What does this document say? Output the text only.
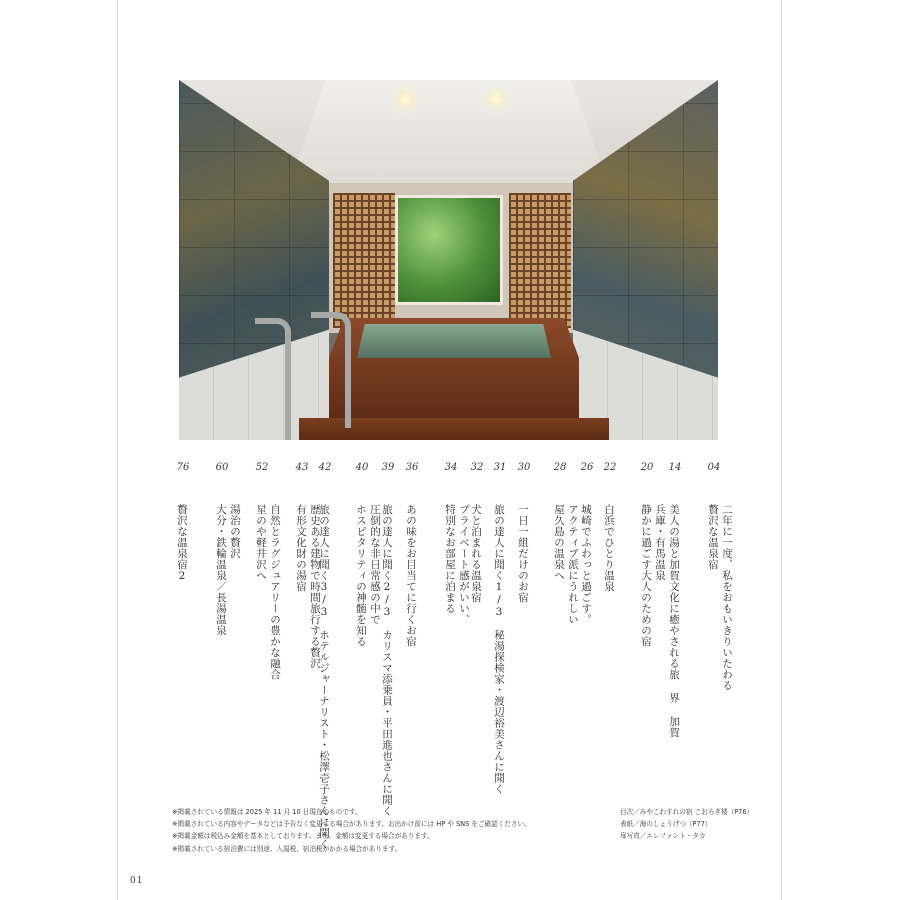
04
二年に一度、私をおもいきりいたわる
贅沢な温泉宿
14
美人の湯と加賀文化に癒やされる旅 界 加賀
20
兵庫・有馬温泉
静かに過ごす大人のための宿
22
白浜でひとり温泉
26
城崎でふわっと過ごす。
28
アクティブ派にうれしい
屋久島の温泉へ
30
一日一組だけのお宿
31
旅の達人に聞く1/3　秘湯探検家・渡辺裕美さんに聞く
32
犬と泊まれる温泉宿
34
プライベート感がいい、
特別なお部屋に泊まる
36
あの味をお目当てに行くお宿
39
旅の達人に聞く2/3　カリスマ添乗員・平田進也さんに聞く
40
圧倒的な非日常感の中で
ホスピタリティの神髄を知る
42
旅の達人に聞く3/3　ホテルジャーナリスト・松澤壱子さんに聞く
43
歴史ある建物で時間旅行する贅沢
有形文化財の湯宿
52
自然とラグジュアリーの豊かな融合
星のや軽井沢へ
60
湯治の贅沢
大分・鉄輪温泉／長湯温泉
76
贅沢な温泉宿2
※掲載されている情報は 2025 年 11 月 10 日現在のものです。
※掲載されている内容やデータなどは予告なく変更する場合があります。お出かけ前には HP や SNS をご確認ください。
※掲載金額は税込み金額を基本としております。また、金額は変更する場合があります。
※掲載されている宿泊費には別途、入湯税、宿泊税がかかる場合があります。
目次／みやこわすれの宿 こおろぎ楼（P76）
表紙／海のしょうげつ（P77）
扉写真／エレファント・タカ
01
